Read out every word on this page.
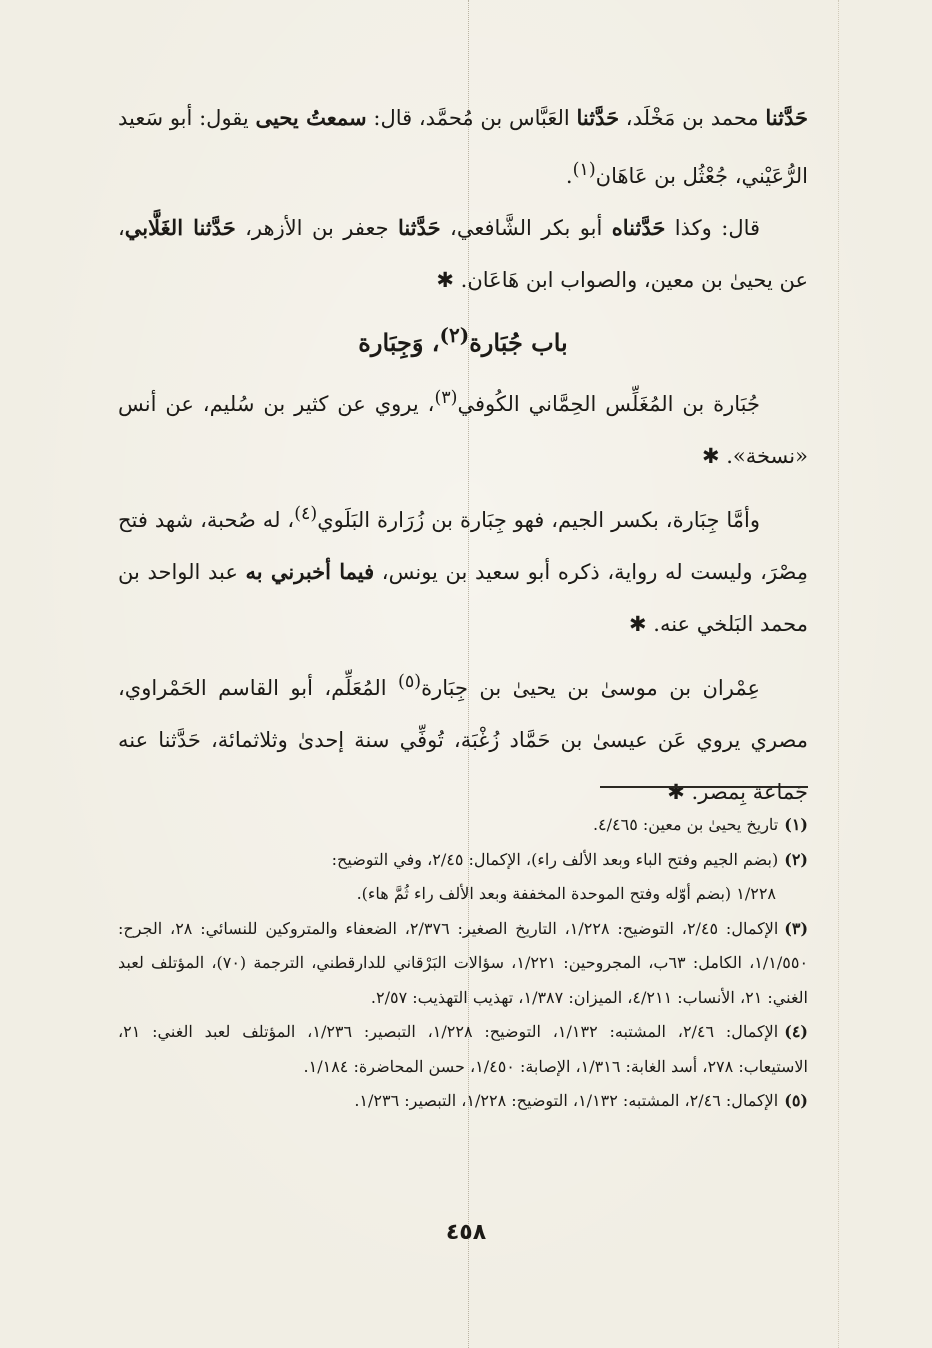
حَدَّثنا محمد بن مَخْلَد، حَدَّثنا العَبَّاس بن مُحمَّد، قال: سمعتُ يحيى يقول: أبو سَعيد الرُّعَيْني، جُعْثُل بن عَاهَان$^{(١)}$.

قال: وكذا حَدَّثناه أبو بكر الشَّافعي، حَدَّثنا جعفر بن الأزهر، حَدَّثنا الغَلَّابي، عن يحيىٰ بن معين، والصواب ابن هَاعَان. ✱

باب جُبَارة$^{(٢)}$، وَجِبَارة

جُبَارة بن المُغَلِّس الحِمَّاني الكُوفي$^{(٣)}$، يروي عن كثير بن سُليم، عن أنس «نسخة». ✱

وأمَّا جِبَارة، بكسر الجيم، فهو جِبَارة بن زُرَارة البَلَوي$^{(٤)}$، له صُحبة، شهد فتح مِصْرَ، وليست له رواية، ذكره أبو سعيد بن يونس، فيما أخبرني به عبد الواحد بن محمد البَلخي عنه. ✱

عِمْران بن موسىٰ بن يحيىٰ بن جِبَارة$^{(٥)}$ المُعَلِّم، أبو القاسم الحَمْراوي، مصري يروي عَن عيسىٰ بن حَمَّاد زُغْبَة، تُوفِّي سنة إحدىٰ وثلاثمائة، حَدَّثنا عنه جَماعة بِمصر. ✱

(١)تاريخ يحيىٰ بن معين: ٤/٤٦٥.

(٢)(بضم الجيم وفتح الباء وبعد الألف راء)، الإكمال: ٢/٤٥، وفي التوضيح:
١/٢٢٨ (بضم أوّله وفتح الموحدة المخففة وبعد الألف راء ثُمَّ هاء).

(٣)الإكمال: ٢/٤٥، التوضيح: ١/٢٢٨، التاريخ الصغير: ٢/٣٧٦، الضعفاء والمتروكين للنسائي: ٢٨، الجرح: ١/١/٥٥٠، الكامل: ٦٣ب، المجروحين: ١/٢٢١، سؤالات البَرْقاني للدارقطني، الترجمة (٧٠)، المؤتلف لعبد الغني: ٢١، الأنساب: ٤/٢١١، الميزان: ١/٣٨٧، تهذيب التهذيب: ٢/٥٧.

(٤)الإكمال: ٢/٤٦، المشتبه: ١/١٣٢، التوضيح: ١/٢٢٨، التبصير: ١/٢٣٦، المؤتلف لعبد الغني: ٢١، الاستيعاب: ٢٧٨، أسد الغابة: ١/٣١٦، الإصابة: ١/٤٥٠، حسن المحاضرة: ١/١٨٤.

(٥)الإكمال: ٢/٤٦، المشتبه: ١/١٣٢، التوضيح: ١/٢٢٨، التبصير: ١/٢٣٦.

٤٥٨
